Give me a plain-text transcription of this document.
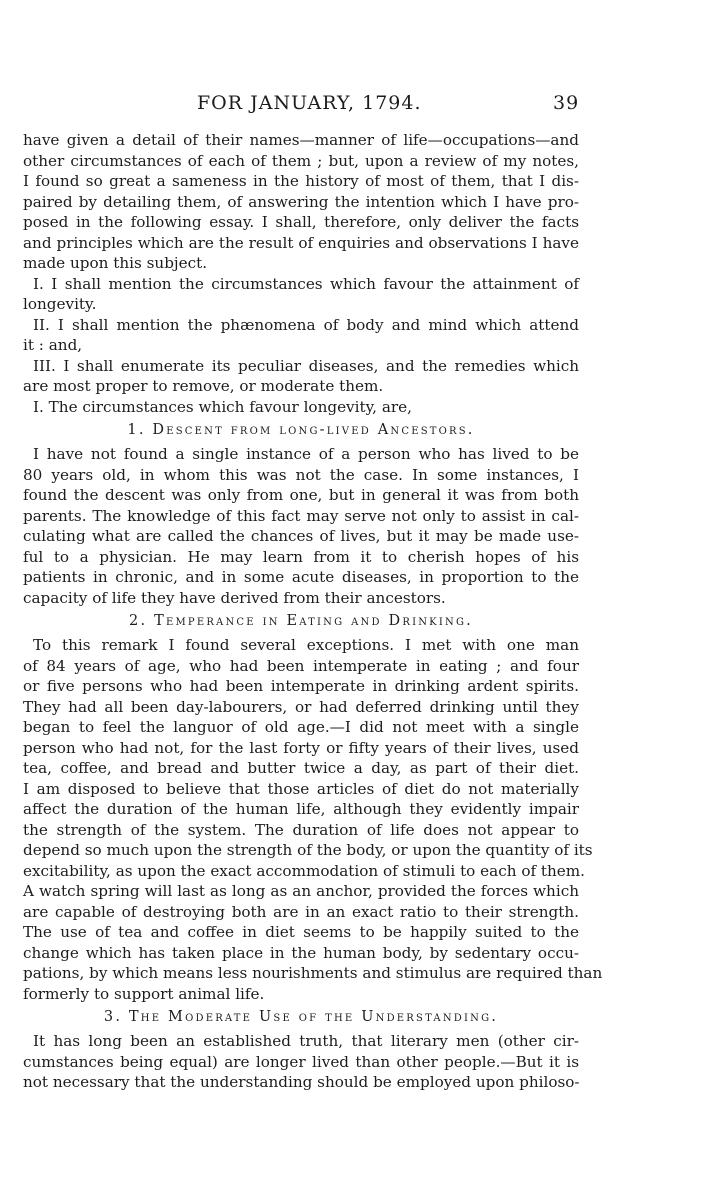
FOR JANUARY, 1794.	39
have given a detail of their names—manner of life—occupations—and
other circumstances of each of them ; but, upon a review of my notes,
I found so great a sameness in the history of most of them, that I dis-
paired by detailing them, of answering the intention which I have pro-
posed in the following essay. I shall, therefore, only deliver the facts
and principles which are the result of enquiries and observations I have
made upon this subject.
I. I shall mention the circumstances which favour the attainment of
longevity.
II. I shall mention the phænomena of body and mind which attend
it : and,
III. I shall enumerate its peculiar diseases, and the remedies which
are most proper to remove, or moderate them.
I. The circumstances which favour longevity, are,
1. Descent from long-lived Ancestors.
I have not found a single instance of a person who has lived to be
80 years old, in whom this was not the case. In some instances, I
found the descent was only from one, but in general it was from both
parents. The knowledge of this fact may serve not only to assist in cal-
culating what are called the chances of lives, but it may be made use-
ful to a physician. He may learn from it to cherish hopes of his
patients in chronic, and in some acute diseases, in proportion to the
capacity of life they have derived from their ancestors.
2. Temperance in Eating and Drinking.
To this remark I found several exceptions. I met with one man
of 84 years of age, who had been intemperate in eating ; and four
or five persons who had been intemperate in drinking ardent spirits.
They had all been day-labourers, or had deferred drinking until they
began to feel the languor of old age.—I did not meet with a single
person who had not, for the last forty or fifty years of their lives, used
tea, coffee, and bread and butter twice a day, as part of their diet.
I am disposed to believe that those articles of diet do not materially
affect the duration of the human life, although they evidently impair
the strength of the system. The duration of life does not appear to
depend so much upon the strength of the body, or upon the quantity of its
excitability, as upon the exact accommodation of stimuli to each of them.
A watch spring will last as long as an anchor, provided the forces which
are capable of destroying both are in an exact ratio to their strength.
The use of tea and coffee in diet seems to be happily suited to the
change which has taken place in the human body, by sedentary occu-
pations, by which means less nourishments and stimulus are required than
formerly to support animal life.
3. The Moderate Use of the Understanding.
It has long been an established truth, that literary men (other cir-
cumstances being equal) are longer lived than other people.—But it is
not necessary that the understanding should be employed upon philoso-
